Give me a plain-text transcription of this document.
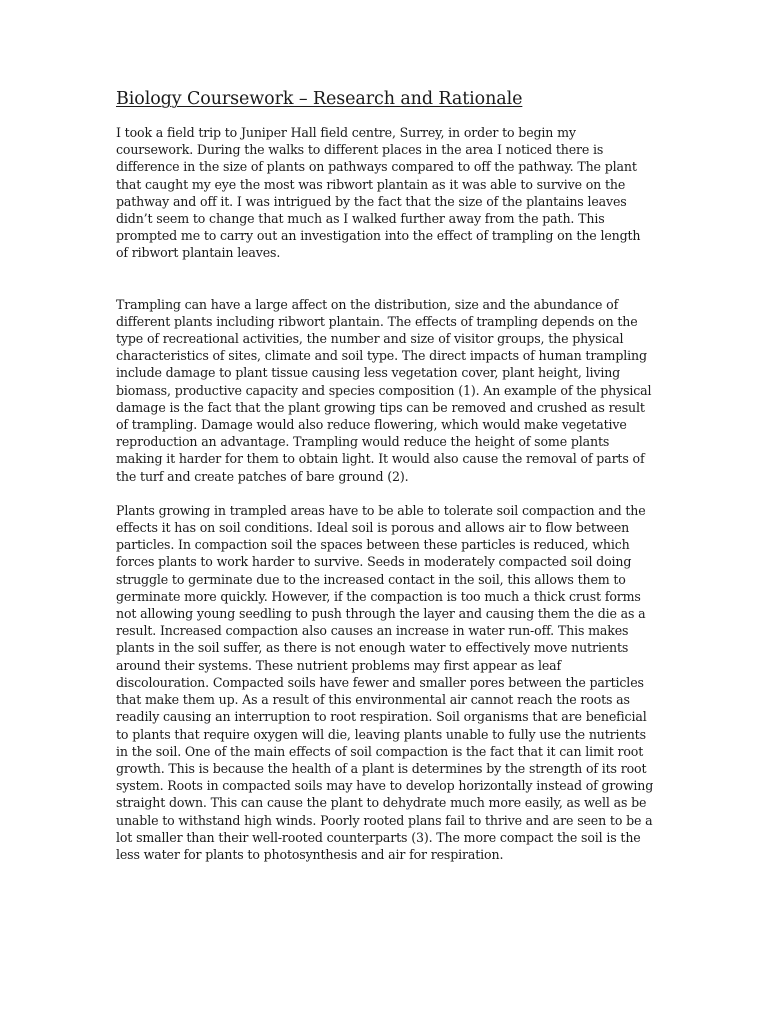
Biology Coursework – Research and Rationale

I took a field trip to Juniper Hall field centre, Surrey, in order to begin my coursework. During the walks to different places in the area I noticed there is difference in the size of plants on pathways compared to off the pathway. The plant that caught my eye the most was ribwort plantain as it was able to survive on the pathway and off it. I was intrigued by the fact that the size of the plantains leaves didn’t seem to change that much as I walked further away from the path. This prompted me to carry out an investigation into the effect of trampling on the length of ribwort plantain leaves.

Trampling can have a large affect on the distribution, size and the abundance of different plants including ribwort plantain. The effects of trampling depends on the type of recreational activities, the number and size of visitor groups, the physical characteristics of sites, climate and soil type. The direct impacts of human trampling include damage to plant tissue causing less vegetation cover, plant height, living biomass, productive capacity and species composition (1). An example of the physical damage is the fact that the plant growing tips can be removed and crushed as result of trampling. Damage would also reduce flowering, which would make vegetative reproduction an advantage. Trampling would reduce the height of some plants making it harder for them to obtain light. It would also cause the removal of parts of the turf and create patches of bare ground (2).

Plants growing in trampled areas have to be able to tolerate soil compaction and the effects it has on soil conditions. Ideal soil is porous and allows air to flow between particles. In compaction soil the spaces between these particles is reduced, which forces plants to work harder to survive. Seeds in moderately compacted soil doing struggle to germinate due to the increased contact in the soil, this allows them to germinate more quickly. However, if the compaction is too much a thick crust forms not allowing young seedling to push through the layer and causing them the die as a result. Increased compaction also causes an increase in water run-off. This makes plants in the soil suffer, as there is not enough water to effectively move nutrients around their systems. These nutrient problems may first appear as leaf discolouration. Compacted soils have fewer and smaller pores between the particles that make them up. As a result of this environmental air cannot reach the roots as readily causing an interruption to root respiration. Soil organisms that are beneficial to plants that require oxygen will die, leaving plants unable to fully use the nutrients in the soil. One of the main effects of soil compaction is the fact that it can limit root growth. This is because the health of a plant is determines by the strength of its root system. Roots in compacted soils may have to develop horizontally instead of growing straight down. This can cause the plant to dehydrate much more easily, as well as be unable to withstand high winds. Poorly rooted plans fail to thrive and are seen to be a lot smaller than their well-rooted counterparts (3). The more compact the soil is the less water for plants to photosynthesis and air for respiration.
